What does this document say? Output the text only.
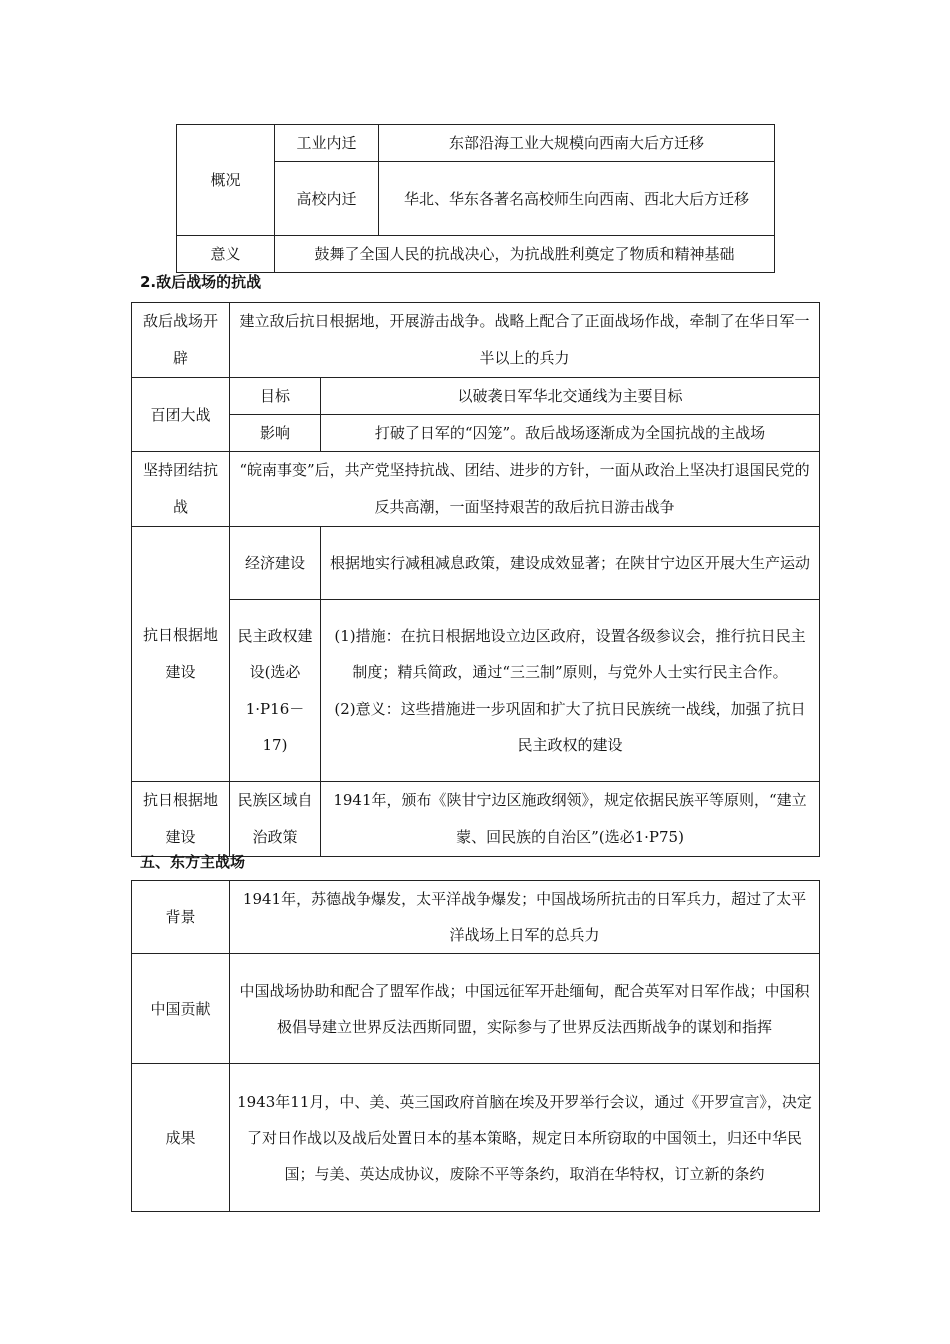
概况	工业内迁	东部沿海工业大规模向西南大后方迁移
	高校内迁	华北、华东各著名高校师生向西南、西北大后方迁移
意义	鼓舞了全国人民的抗战决心，为抗战胜利奠定了物质和精神基础	
2.敌后战场的抗战
敌后战场开辟	建立敌后抗日根据地，开展游击战争。战略上配合了正面战场作战，牵制了在华日军一半以上的兵力	
百团大战	目标	以破袭日军华北交通线为主要目标
	影响	打破了日军的“囚笼”。敌后战场逐渐成为全国抗战的主战场
坚持团结抗战	“皖南事变”后，共产党坚持抗战、团结、进步的方针，一面从政治上坚决打退国民党的反共高潮，一面坚持艰苦的敌后抗日游击战争	
抗日根据地建设	经济建设	根据地实行减租减息政策，建设成效显著；在陕甘宁边区开展大生产运动
	民主政权建设(选必1·P16－17)	(1)措施：在抗日根据地设立边区政府，设置各级参议会，推行抗日民主制度；精兵简政，通过“三三制”原则，与党外人士实行民主合作。
(2)意义：这些措施进一步巩固和扩大了抗日民族统一战线，加强了抗日民主政权的建设

抗日根据地建设	民族区域自治政策	1941年，颁布《陕甘宁边区施政纲领》，规定依据民族平等原则，“建立蒙、回民族的自治区”(选必1·P75)
五、东方主战场
背景	1941年，苏德战争爆发，太平洋战争爆发；中国战场所抗击的日军兵力，超过了太平洋战场上日军的总兵力
中国贡献	中国战场协助和配合了盟军作战；中国远征军开赴缅甸，配合英军对日军作战；中国积极倡导建立世界反法西斯同盟，实际参与了世界反法西斯战争的谋划和指挥
成果	1943年11月，中、美、英三国政府首脑在埃及开罗举行会议，通过《开罗宣言》，决定了对日作战以及战后处置日本的基本策略，规定日本所窃取的中国领土，归还中华民国；与美、英达成协议，废除不平等条约，取消在华特权，订立新的条约
